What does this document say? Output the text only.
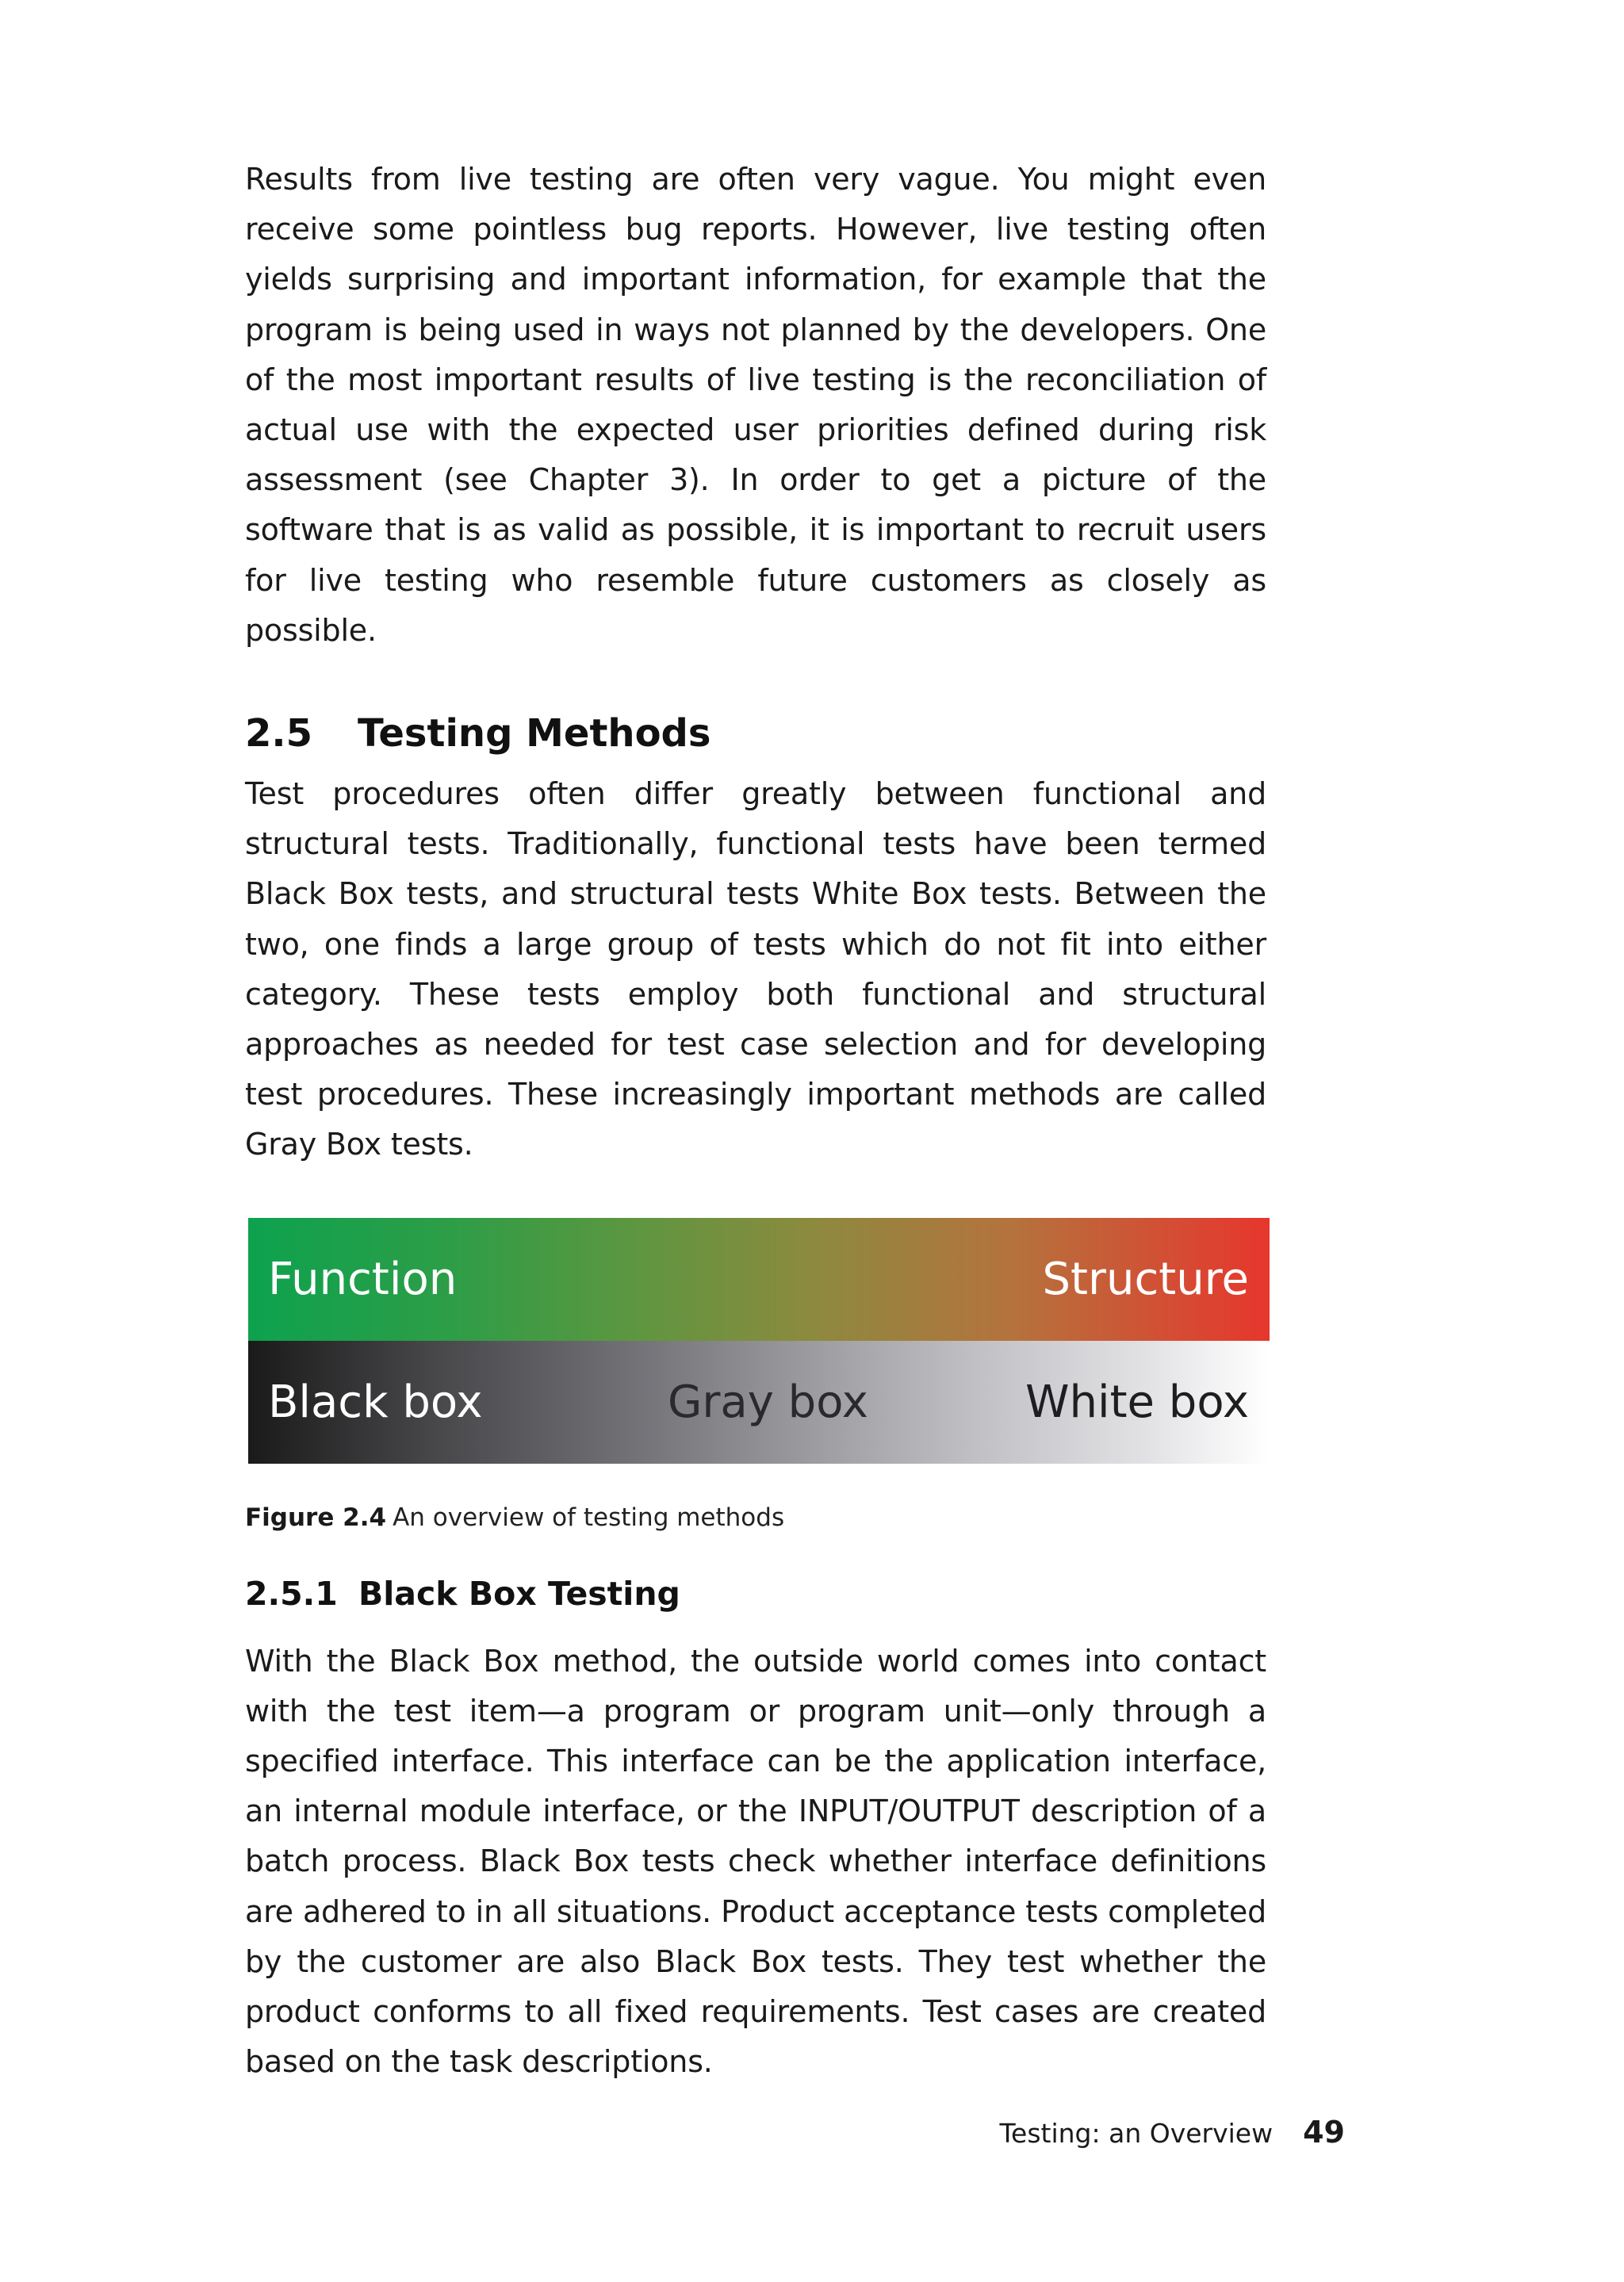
Results from live testing are often very vague. You might even receive some pointless bug reports. However, live testing often yields surprising and important information, for example that the program is being used in ways not planned by the developers. One of the most important results of live testing is the reconciliation of actual use with the expected user priorities defined during risk assessment (see Chapter 3). In order to get a picture of the software that is as valid as possible, it is important to recruit users for live testing who resemble future customers as closely as possible.

2.5 Testing Methods

Test procedures often differ greatly between functional and structural tests. Traditionally, functional tests have been termed Black Box tests, and structural tests White Box tests. Between the two, one finds a large group of tests which do not fit into either category. These tests employ both functional and structural approaches as needed for test case selection and for developing test procedures. These increasingly important methods are called Gray Box tests.

Function	Structure
Black box	Gray box	White box
Figure 2.4 An overview of testing methods
2.5.1 Black Box Testing

With the Black Box method, the outside world comes into contact with the test item—a program or program unit—only through a specified interface. This interface can be the application interface, an internal module interface, or the INPUT/OUTPUT description of a batch process. Black Box tests check whether interface definitions are adhered to in all situations. Product acceptance tests completed by the customer are also Black Box tests. They test whether the product conforms to all fixed requirements. Test cases are created based on the task descriptions.

Testing: an Overview 49
